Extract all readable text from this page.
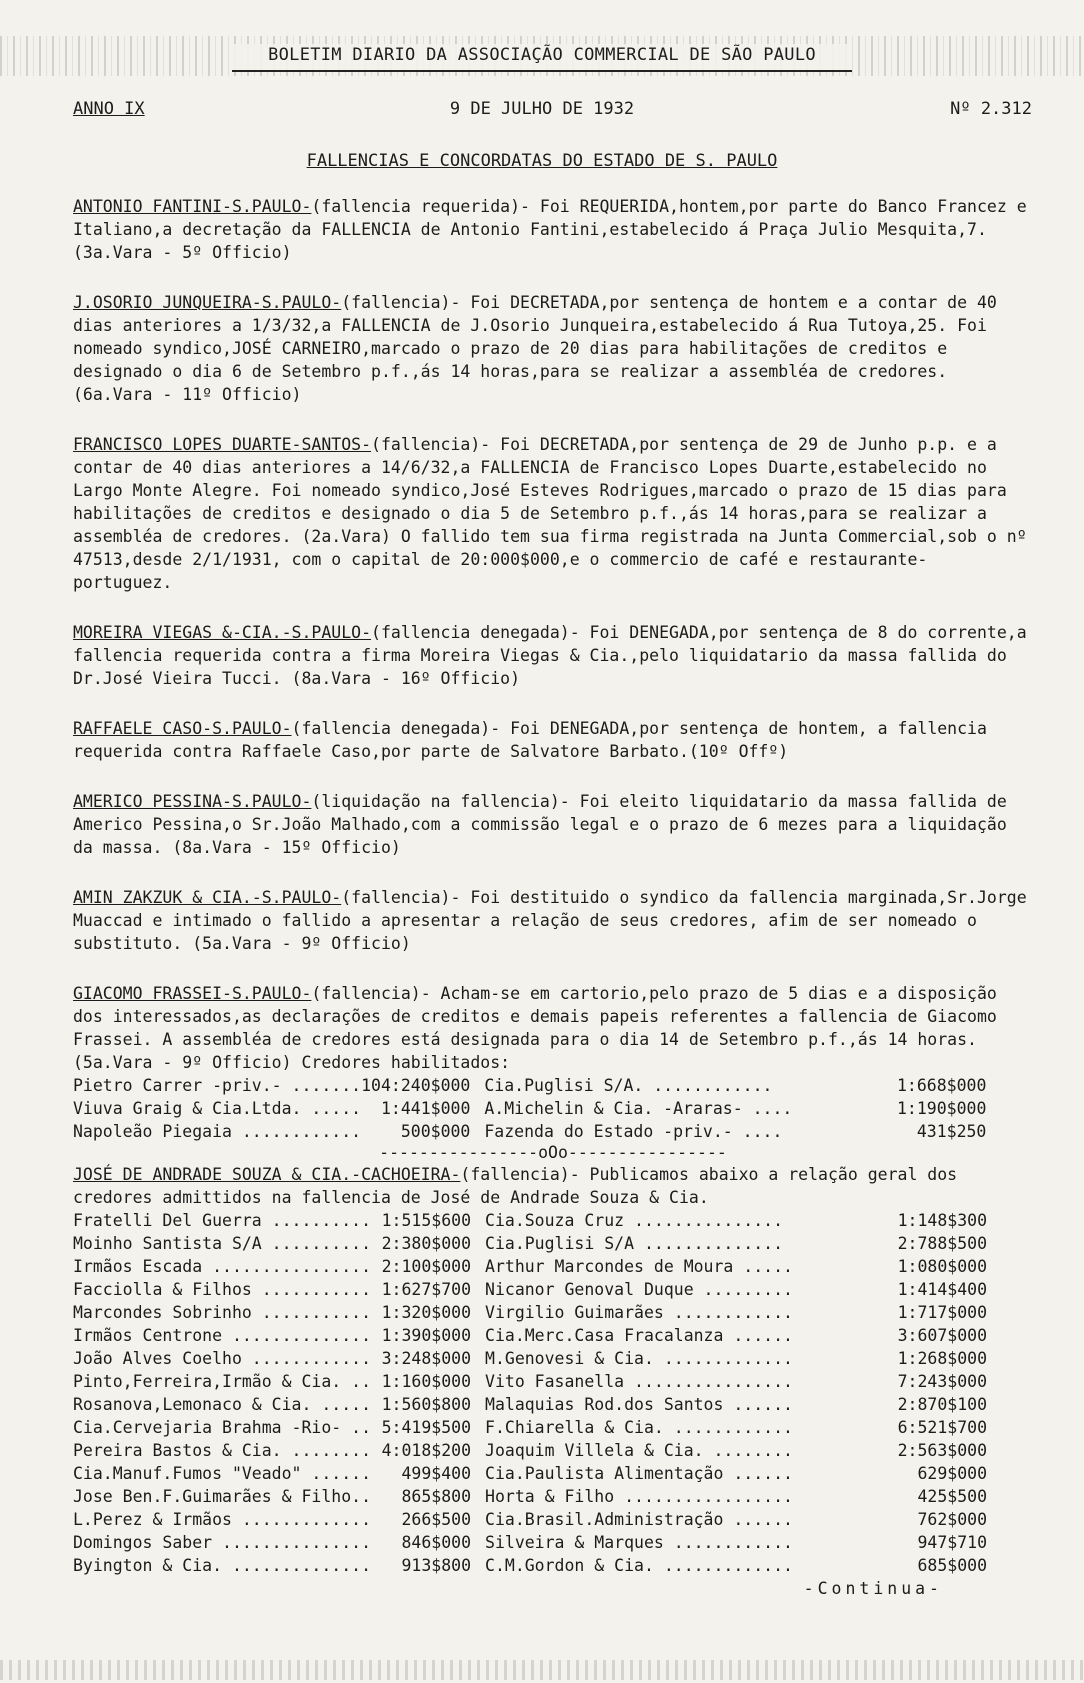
BOLETIM DIARIO DA ASSOCIAÇÃO COMMERCIAL DE SÃO PAULO
ANNO IX	9 DE JULHO DE 1932	Nº 2.312
FALLENCIAS E CONCORDATAS DO ESTADO DE S. PAULO

ANTONIO FANTINI-S.PAULO-(fallencia requerida)- Foi REQUERIDA,hontem,por parte do Banco Francez e Italiano,a decretação da FALLENCIA de Antonio Fantini,estabelecido á Praça Julio Mesquita,7. (3a.Vara - 5º Officio)

J.OSORIO JUNQUEIRA-S.PAULO-(fallencia)- Foi DECRETADA,por sentença de hontem e a contar de 40 dias anteriores a 1/3/32,a FALLENCIA de J.Osorio Junqueira,estabelecido á Rua Tutoya,25. Foi nomeado syndico,JOSÉ CARNEIRO,marcado o prazo de 20 dias para habilitações de creditos e designado o dia 6 de Setembro p.f.,ás 14 horas,para se realizar a assembléa de credores. (6a.Vara - 11º Officio)

FRANCISCO LOPES DUARTE-SANTOS-(fallencia)- Foi DECRETADA,por sentença de 29 de Junho p.p. e a contar de 40 dias anteriores a 14/6/32,a FALLENCIA de Francisco Lopes Duarte,estabelecido no Largo Monte Alegre. Foi nomeado syndico,José Esteves Rodrigues,marcado o prazo de 15 dias para habilitações de creditos e designado o dia 5 de Setembro p.f.,ás 14 horas,para se realizar a assembléa de credores. (2a.Vara) O fallido tem sua firma registrada na Junta Commercial,sob o nº 47513,desde 2/1/1931, com o capital de 20:000$000,e o commercio de café e restaurante- portuguez.

MOREIRA VIEGAS &-CIA.-S.PAULO-(fallencia denegada)- Foi DENEGADA,por sentença de 8 do corrente,a fallencia requerida contra a firma Moreira Viegas & Cia.,pelo liquidatario da massa fallida do Dr.José Vieira Tucci. (8a.Vara - 16º Officio)

RAFFAELE CASO-S.PAULO-(fallencia denegada)- Foi DENEGADA,por sentença de hontem, a fallencia requerida contra Raffaele Caso,por parte de Salvatore Barbato.(10º Offº)

AMERICO PESSINA-S.PAULO-(liquidação na fallencia)- Foi eleito liquidatario da massa fallida de Americo Pessina,o Sr.João Malhado,com a commissão legal e o prazo de 6 mezes para a liquidação da massa. (8a.Vara - 15º Officio)

AMIN ZAKZUK & CIA.-S.PAULO-(fallencia)- Foi destituido o syndico da fallencia marginada,Sr.Jorge Muaccad e intimado o fallido a apresentar a relação de seus credores, afim de ser nomeado o substituto. (5a.Vara - 9º Officio)

GIACOMO FRASSEI-S.PAULO-(fallencia)- Acham-se em cartorio,pelo prazo de 5 dias e a disposição dos interessados,as declarações de creditos e demais papeis referentes a fallencia de Giacomo Frassei. A assembléa de credores está designada para o dia 14 de Setembro p.f.,ás 14 horas. (5a.Vara - 9º Officio) Credores habilitados:

Pietro Carrer -priv.- .......	104:240$000	Cia.Puglisi S/A. ............	1:668$000
Viuva Graig & Cia.Ltda. .....	1:441$000	A.Michelin & Cia. -Araras- ....	1:190$000
Napoleão Piegaia ............	500$000	Fazenda do Estado -priv.- ....	431$250
----------------oOo----------------

JOSÉ DE ANDRADE SOUZA & CIA.-CACHOEIRA-(fallencia)- Publicamos abaixo a relação geral dos credores admittidos na fallencia de José de Andrade Souza & Cia.

Fratelli Del Guerra ..........	1:515$600	Cia.Souza Cruz ...............	1:148$300
Moinho Santista S/A ..........	2:380$000	Cia.Puglisi S/A ..............	2:788$500
Irmãos Escada ................	2:100$000	Arthur Marcondes de Moura .....	1:080$000
Facciolla & Filhos ...........	1:627$700	Nicanor Genoval Duque .........	1:414$400
Marcondes Sobrinho ...........	1:320$000	Virgilio Guimarães ............	1:717$000
Irmãos Centrone ..............	1:390$000	Cia.Merc.Casa Fracalanza ......	3:607$000
João Alves Coelho ............	3:248$000	M.Genovesi & Cia. .............	1:268$000
Pinto,Ferreira,Irmão & Cia. ..	1:160$000	Vito Fasanella ................	7:243$000
Rosanova,Lemonaco & Cia. .....	1:560$800	Malaquias Rod.dos Santos ......	2:870$100
Cia.Cervejaria Brahma -Rio- ..	5:419$500	F.Chiarella & Cia. ............	6:521$700
Pereira Bastos & Cia. ........	4:018$200	Joaquim Villela & Cia. ........	2:563$000
Cia.Manuf.Fumos "Veado" ......	499$400	Cia.Paulista Alimentação ......	629$000
Jose Ben.F.Guimarães & Filho..	865$800	Horta & Filho .................	425$500
L.Perez & Irmãos .............	266$500	Cia.Brasil.Administração ......	762$000
Domingos Saber ...............	846$000	Silveira & Marques ............	947$710
Byington & Cia. ..............	913$800	C.M.Gordon & Cia. .............	685$000
-Continua-
